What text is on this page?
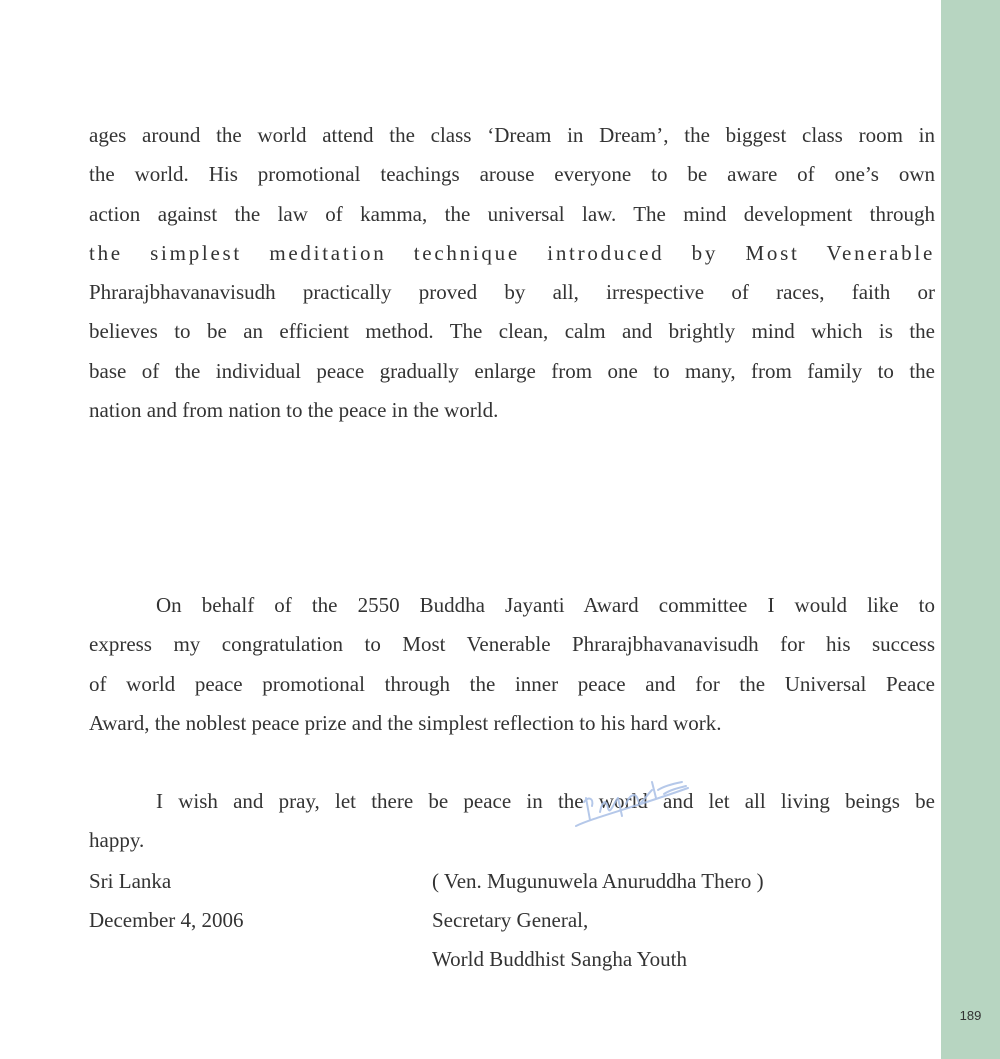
189

ages around the world attend the class ‘Dream in Dream’, the biggest class room in
the world. His promotional teachings arouse everyone to be aware of one’s own
action against the law of kamma, the universal law. The mind development through
the simplest meditation technique introduced by Most Venerable
Phrarajbhavanavisudh practically proved by all, irrespective of races, faith or
believes to be an efficient method. The clean, calm and brightly mind which is the
base of the individual peace gradually enlarge from one to many, from family to the
nation and from nation to the peace in the world.

On behalf of the 2550 Buddha Jayanti Award committee I would like to
express my congratulation to Most Venerable Phrarajbhavanavisudh for his success
of world peace promotional through the inner peace and for the Universal Peace
Award, the noblest peace prize and the simplest reflection to his hard work.

I wish and pray, let there be peace in the world and let all living beings be
happy.

Sri Lanka
December 4, 2006
( Ven. Mugunuwela Anuruddha Thero )
Secretary General,
World Buddhist Sangha Youth
